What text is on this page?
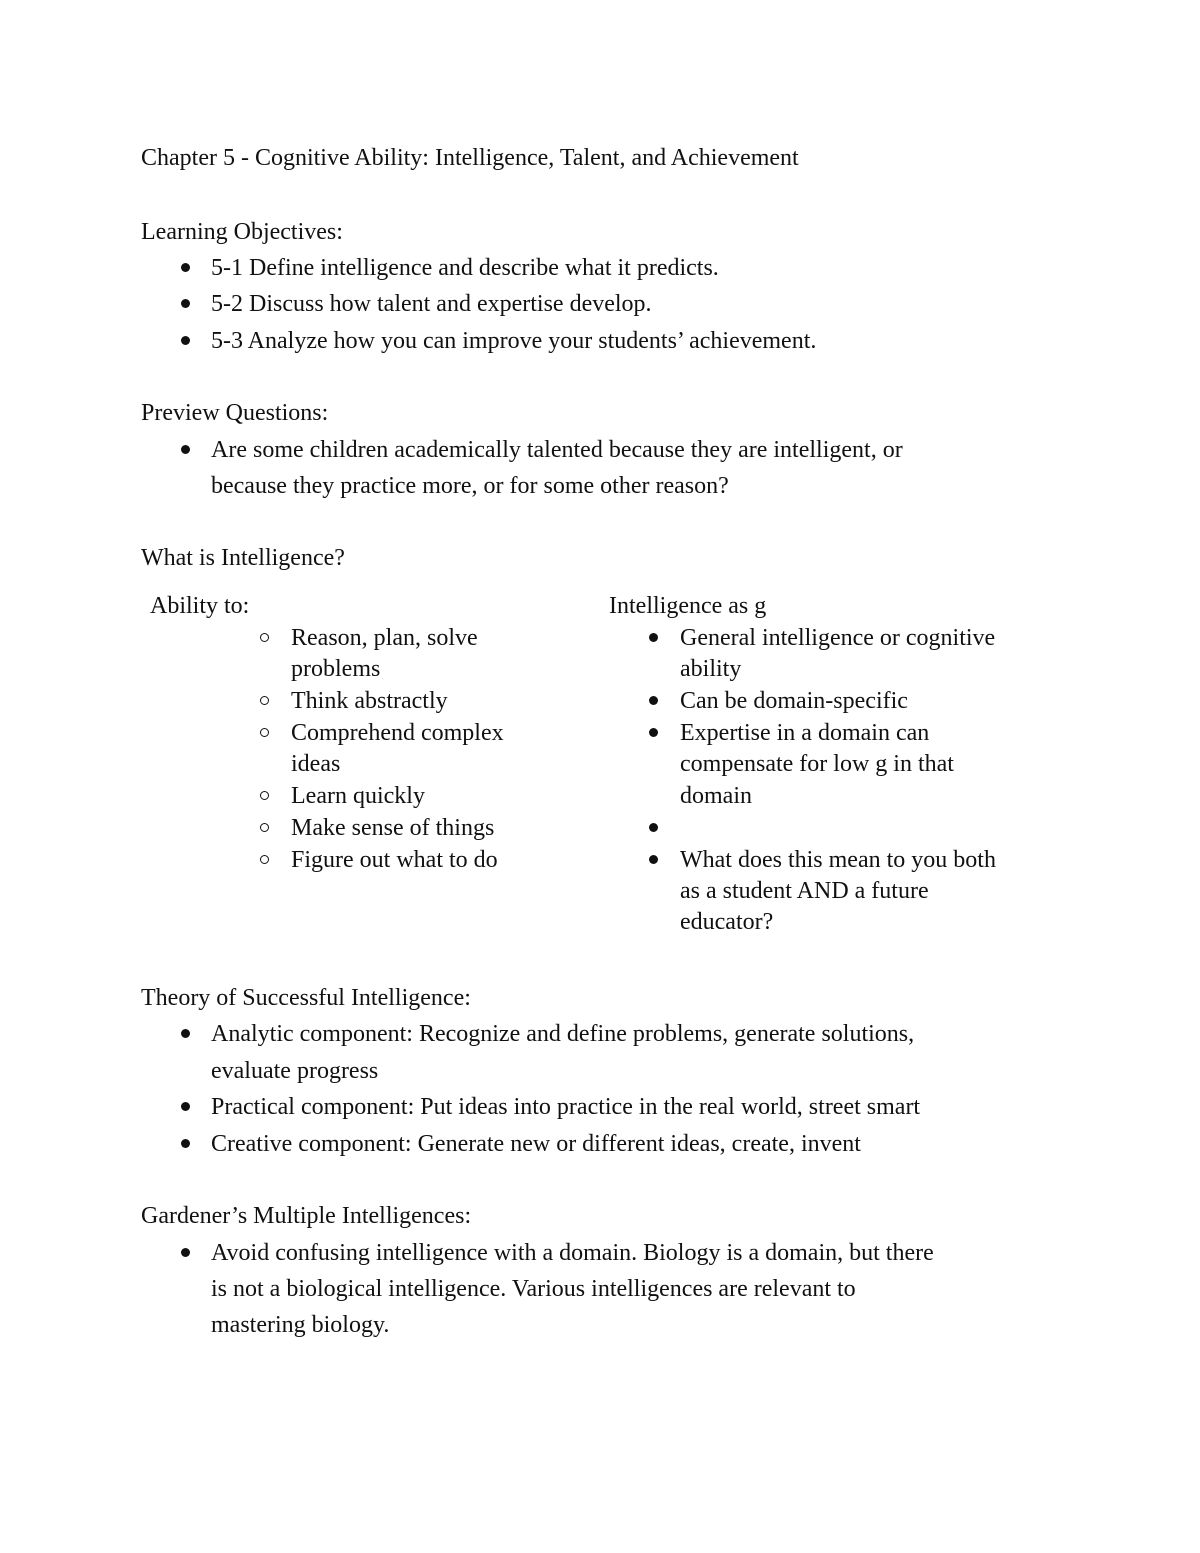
Chapter 5 - Cognitive Ability: Intelligence, Talent, and Achievement
Learning Objectives:
5-1 Define intelligence and describe what it predicts.
5-2 Discuss how talent and expertise develop.
5-3 Analyze how you can improve your students’ achievement.
Preview Questions:
Are some children academically talented because they are intelligent, or
because they practice more, or for some other reason?
What is Intelligence?
Ability to:
Reason, plan, solve
problems
Think abstractly
Comprehend complex
ideas
Learn quickly
Make sense of things
Figure out what to do
Intelligence as g
General intelligence or cognitive
ability
Can be domain-specific
Expertise in a domain can
compensate for low g in that
domain
What does this mean to you both
as a student AND a future
educator?
Theory of Successful Intelligence:
Analytic component: Recognize and define problems, generate solutions,
evaluate progress
Practical component: Put ideas into practice in the real world, street smart
Creative component: Generate new or different ideas, create, invent
Gardener’s Multiple Intelligences:
Avoid confusing intelligence with a domain. Biology is a domain, but there
is not a biological intelligence. Various intelligences are relevant to
mastering biology.
